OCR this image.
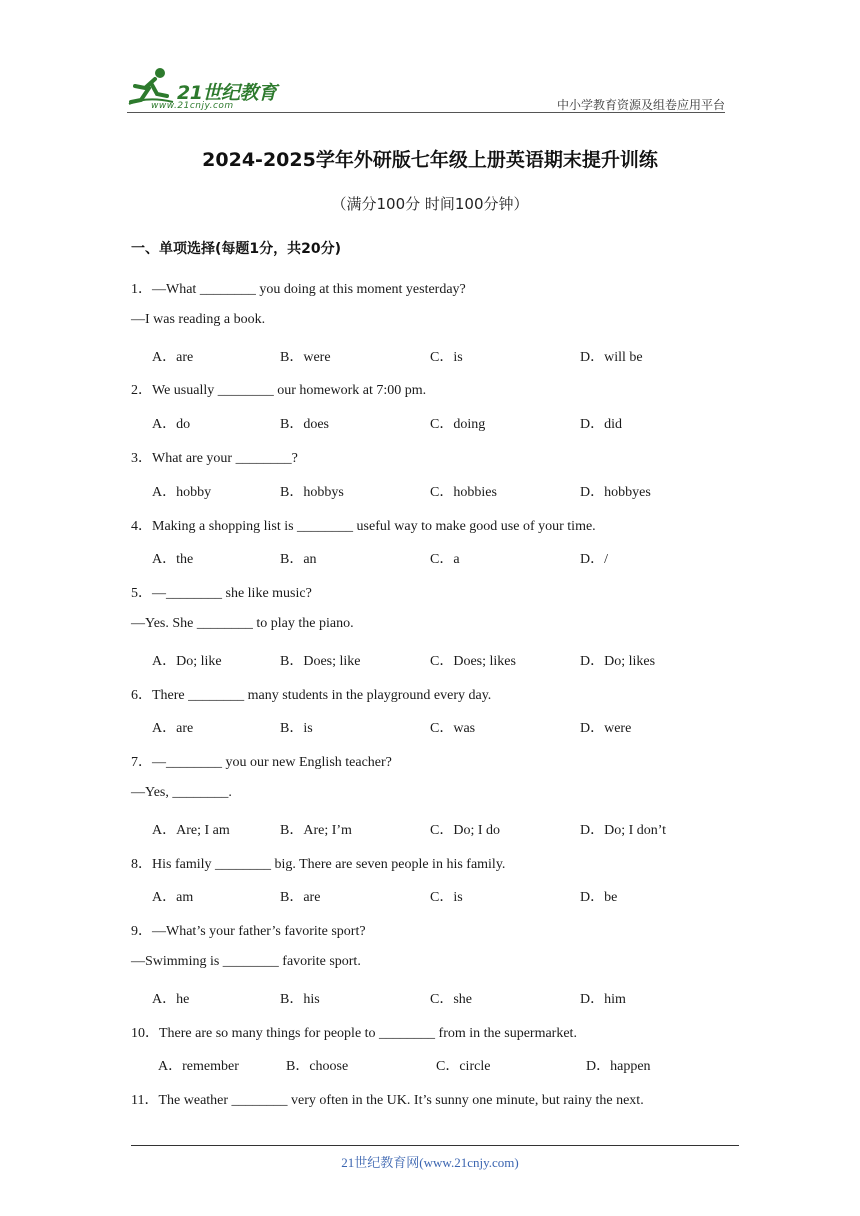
21世纪教育
www.21cnjy.com	中小学教育资源及组卷应用平台
2024-2025学年外研版七年级上册英语期末提升训练
（满分100分 时间100分钟）
一、单项选择(每题1分，共20分)
1．—What ________ you doing at this moment yesterday?
—I was reading a book.
A．are	B．were	C．is	D．will be
2．We usually ________ our homework at 7:00 pm.
A．do	B．does	C．doing	D．did
3．What are your ________?
A．hobby	B．hobbys	C．hobbies	D．hobbyes
4．Making a shopping list is ________ useful way to make good use of your time.
A．the	B．an	C．a	D．/
5．—________ she like music?
—Yes. She ________ to play the piano.
A．Do; like	B．Does; like	C．Does; likes	D．Do; likes
6．There ________ many students in the playground every day.
A．are	B．is	C．was	D．were
7．—________ you our new English teacher?
—Yes, ________.
A．Are; I am	B．Are; I’m	C．Do; I do	D．Do; I don’t
8．His family ________ big. There are seven people in his family.
A．am	B．are	C．is	D．be
9．—What’s your father’s favorite sport?
—Swimming is ________ favorite sport.
A．he	B．his	C．she	D．him
10．There are so many things for people to ________ from in the supermarket.
A．remember	B．choose	C．circle	D．happen
11．The weather ________ very often in the UK. It’s sunny one minute, but rainy the next.
21世纪教育网(www.21cnjy.com)
